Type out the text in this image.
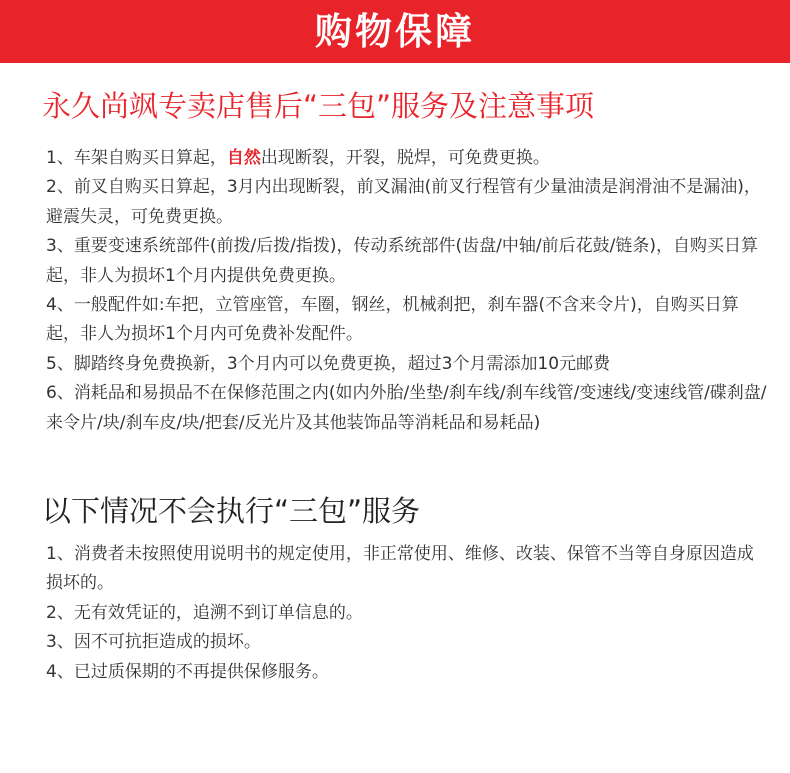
购物保障
永久尚飒专卖店售后“三包”服务及注意事项
1、车架自购买日算起，自然出现断裂，开裂，脱焊，可免费更换。
2、前叉自购买日算起，3月内出现断裂，前叉漏油(前叉行程管有少量油渍是润滑油不是漏油)，避震失灵，可免费更换。
3、重要变速系统部件(前拨/后拨/指拨)，传动系统部件(齿盘/中轴/前后花鼓/链条)，自购买日算起，非人为损坏1个月内提供免费更换。
4、一般配件如:车把，立管座管，车圈，钢丝，机械刹把，刹车器(不含来令片)，自购买日算起，非人为损坏1个月内可免费补发配件。
5、脚踏终身免费换新，3个月内可以免费更换，超过3个月需添加10元邮费
6、消耗品和易损品不在保修范围之内(如内外胎/坐垫/刹车线/刹车线管/变速线/变速线管/碟刹盘/来令片/块/刹车皮/块/把套/反光片及其他装饰品等消耗品和易耗品)
以下情况不会执行“三包”服务
1、消费者未按照使用说明书的规定使用，非正常使用、维修、改装、保管不当等自身原因造成损坏的。
2、无有效凭证的，追溯不到订单信息的。
3、因不可抗拒造成的损坏。
4、已过质保期的不再提供保修服务。
